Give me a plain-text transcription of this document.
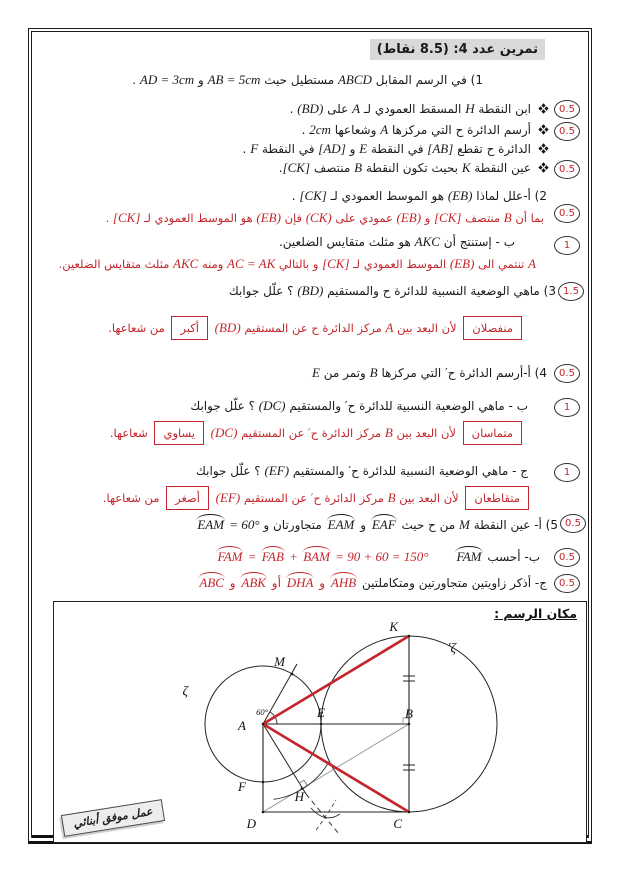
تمرين عدد 4: (8.5 نقاط)
0.5
0.5
0.5
0.5
1
1.5
0.5
1
1
0.5
0.5
0.5
1) في الرسم المقابل ABCD مستطيل حيث AB = 5cm و AD = 3cm .
ابن النقطة H المسقط العمودي لـ A على (BD) .
أرسم الدائرة ح التي مركزها A وشعاعها 2cm .
الدائرة ح تقطع [AB] في النقطة E و [AD] في النقطة F .
عين النقطة K بحيث تكون النقطة B منتصف [CK].
2) أ-علل لماذا (EB) هو الموسط العمودي لـ [CK] .
بما أن B منتصف [CK] و (EB) عمودي على (CK) فإن (EB) هو الموسط العمودي لـ [CK] .
ب - إستنتج أن AKC هو مثلث متقايس الضلعين.
A تنتمي الى (EB) الموسط العمودي لـ [CK] و بالتالي AC = AK ومنه AKC مثلث متقايس الضلعين.
3) ماهي الوضعية النسبية للدائرة ح والمستقيم (BD) ؟ علّل جوابك
منفصلان لأن البعد بين A مركز الدائرة ح عن المستقيم (BD) أكبر من شعاعها.
4) أ-أرسم الدائرة ح′ التي مركزها B وتمر من E
ب - ماهي الوضعية النسبية للدائرة ح′ والمستقيم (DC) ؟ علّل جوابك
متماسان لأن البعد بين B مركز الدائرة ح′ عن المستقيم (DC) يساوي شعاعها.
ج - ماهي الوضعية النسبية للدائرة ح′ والمستقيم (EF) ؟ علّل جوابك
متقاطعان لأن البعد بين B مركز الدائرة ح′ عن المستقيم (EF) أصغر من شعاعها.
5) أ- عين النقطة M من ح حيث EAF و EAM متجاورتان و EAM = 60°
ب- أحسب FAMFAM = FAB + BAM = 90 + 60 = 150°
ج- أذكر زاويتين متجاورتين ومتكاملتين AHB و DHA أو ABK و ABC
مكان الرسم :
K
ζ′
M
ζ
A
E	B
F
H
D	C
60°
عمل موفق أبنائي
